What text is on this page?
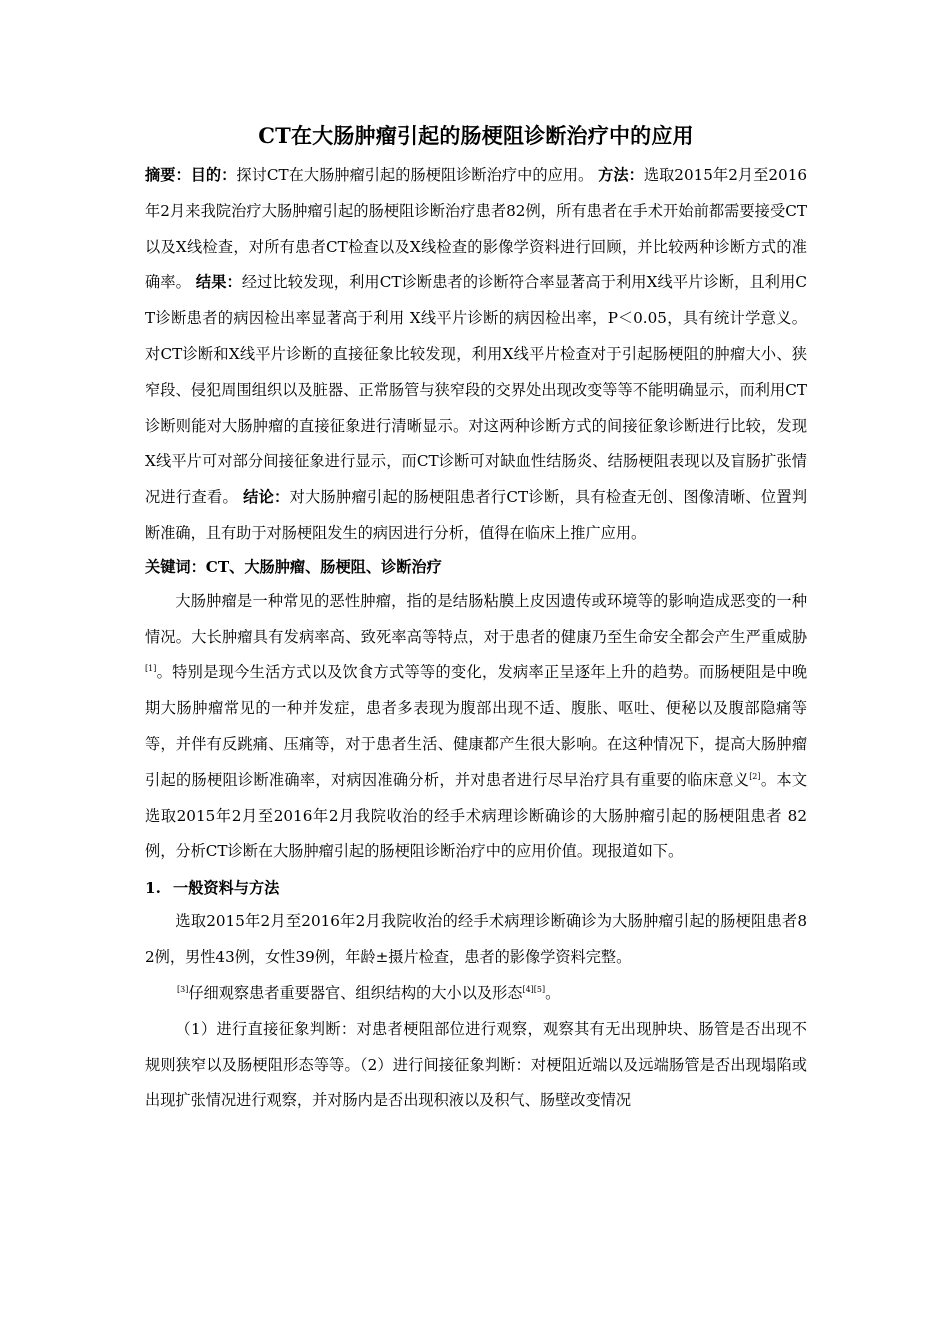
CT在大肠肿瘤引起的肠梗阻诊断治疗中的应用

摘要：目的：探讨CT在大肠肿瘤引起的肠梗阻诊断治疗中的应用。 方法：选取2015年2月至2016年2月来我院治疗大肠肿瘤引起的肠梗阻诊断治疗患者82例，所有患者在手术开始前都需要接受CT以及X线检查，对所有患者CT检查以及X线检查的影像学资料进行回顾，并比较两种诊断方式的准确率。 结果：经过比较发现，利用CT诊断患者的诊断符合率显著高于利用X线平片诊断，且利用CT诊断患者的病因检出率显著高于利用 X线平片诊断的病因检出率，P＜0.05，具有统计学意义。对CT诊断和X线平片诊断的直接征象比较发现，利用X线平片检查对于引起肠梗阻的肿瘤大小、狭窄段、侵犯周围组织以及脏器、正常肠管与狭窄段的交界处出现改变等等不能明确显示，而利用CT诊断则能对大肠肿瘤的直接征象进行清晰显示。对这两种诊断方式的间接征象诊断进行比较，发现X线平片可对部分间接征象进行显示，而CT诊断可对缺血性结肠炎、结肠梗阻表现以及盲肠扩张情况进行查看。 结论：对大肠肿瘤引起的肠梗阻患者行CT诊断，具有检查无创、图像清晰、位置判断准确，且有助于对肠梗阻发生的病因进行分析，值得在临床上推广应用。

关键词：CT、大肠肿瘤、肠梗阻、诊断治疗

大肠肿瘤是一种常见的恶性肿瘤，指的是结肠粘膜上皮因遗传或环境等的影响造成恶变的一种情况。大长肿瘤具有发病率高、致死率高等特点，对于患者的健康乃至生命安全都会产生严重威胁[1]。特别是现今生活方式以及饮食方式等等的变化，发病率正呈逐年上升的趋势。而肠梗阻是中晚期大肠肿瘤常见的一种并发症，患者多表现为腹部出现不适、腹胀、呕吐、便秘以及腹部隐痛等等，并伴有反跳痛、压痛等，对于患者生活、健康都产生很大影响。在这种情况下，提高大肠肿瘤引起的肠梗阻诊断准确率，对病因准确分析，并对患者进行尽早治疗具有重要的临床意义[2]。本文选取2015年2月至2016年2月我院收治的经手术病理诊断确诊的大肠肿瘤引起的肠梗阻患者 82例，分析CT诊断在大肠肿瘤引起的肠梗阻诊断治疗中的应用价值。现报道如下。

1. 一般资料与方法

选取2015年2月至2016年2月我院收治的经手术病理诊断确诊为大肠肿瘤引起的肠梗阻患者82例，男性43例，女性39例，年龄±摄片检查，患者的影像学资料完整。

[3]仔细观察患者重要器官、组织结构的大小以及形态[4][5]。

（1）进行直接征象判断：对患者梗阻部位进行观察，观察其有无出现肿块、肠管是否出现不规则狭窄以及肠梗阻形态等等。（2）进行间接征象判断：对梗阻近端以及远端肠管是否出现塌陷或出现扩张情况进行观察，并对肠内是否出现积液以及积气、肠壁改变情况
